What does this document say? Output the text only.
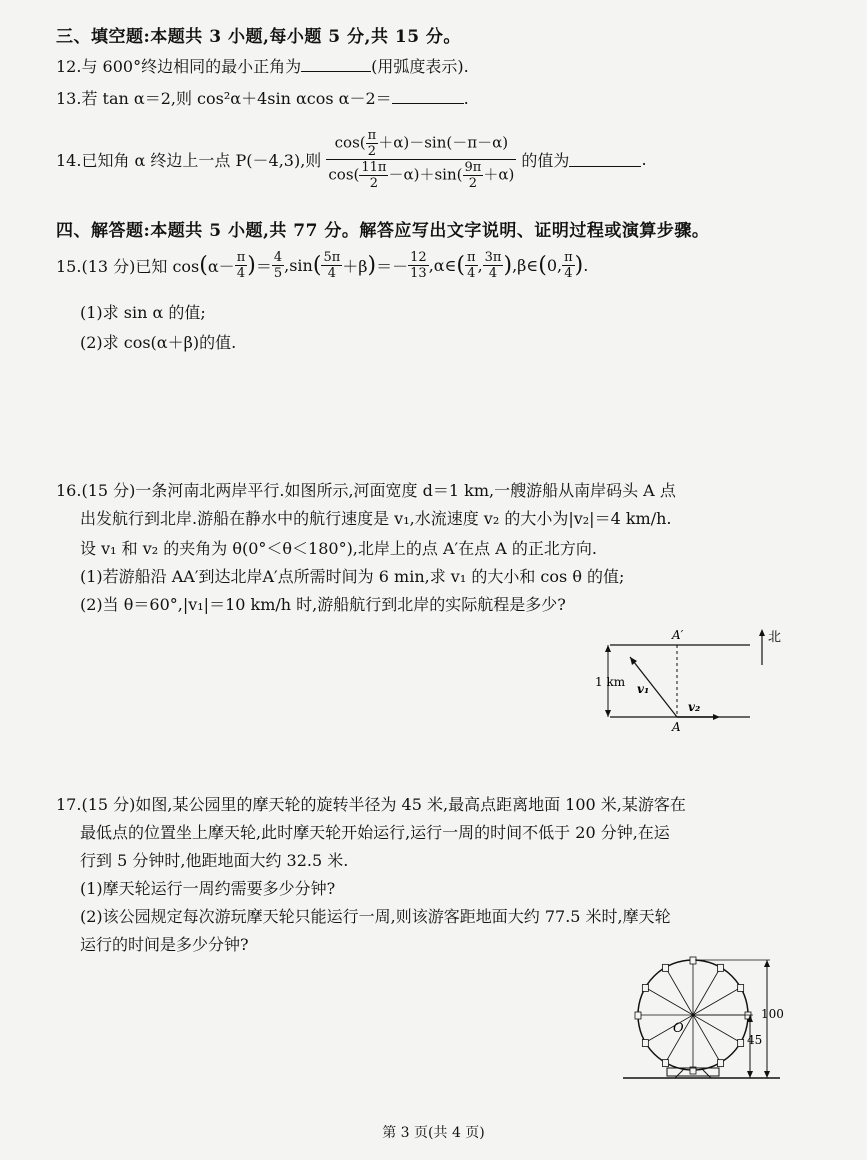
三、填空题:本题共 3 小题,每小题 5 分,共 15 分。
12.与 600°终边相同的最小正角为	(用弧度表示).
13.若 tan α＝2,则 cos²α＋4sin αcos α－2＝	.
14.已知角 α 终边上一点 P(－4,3),则 $\frac{\cos( \frac{\pi}{2} +\alpha)-\sin(-\pi-\alpha)}{\cos( \frac{11\pi}{2} -\alpha)+\sin( \frac{9\pi}{2} +\alpha)}$ 的值为	.
四、解答题:本题共 5 小题,共 77 分。解答应写出文字说明、证明过程或演算步骤。
15.(13 分)已知 $\cos(\alpha- \frac{\pi}{4}$ )＝ $\frac{4}{5} ,\sin( \frac{5\pi}{4} +\beta)=- \frac{12}{13}$ ,α∈( $\frac{\pi}{4}$ , $\frac{3\pi}{4}$ ),β∈(0, $\frac{\pi}{4}$ ).
(1)求 sin α 的值;
(2)求 cos(α＋β)的值.
16.(15 分)一条河南北两岸平行.如图所示,河面宽度 d＝1 km,一艘游船从南岸码头 A 点
出发航行到北岸.游船在静水中的航行速度是 v₁,水流速度 v₂ 的大小为|v₂|＝4 km/h.
设 v₁ 和 v₂ 的夹角为 θ(0°＜θ＜180°),北岸上的点 A′在点 A 的正北方向.
(1)若游船沿 AA′到达北岸A′点所需时间为 6 min,求 v₁ 的大小和 cos θ 的值;
(2)当 θ＝60°,|v₁|＝10 km/h 时,游船航行到北岸的实际航程是多少?
1 km v₁
v₂
A′
A
北
17.(15 分)如图,某公园里的摩天轮的旋转半径为 45 米,最高点距离地面 100 米,某游客在
最低点的位置坐上摩天轮,此时摩天轮开始运行,运行一周的时间不低于 20 分钟,在运
行到 5 分钟时,他距地面大约 32.5 米.
(1)摩天轮运行一周约需要多少分钟?
(2)该公园规定每次游玩摩天轮只能运行一周,则该游客距地面大约 77.5 米时,摩天轮
运行的时间是多少分钟?
O
100
45
第 3 页(共 4 页)
